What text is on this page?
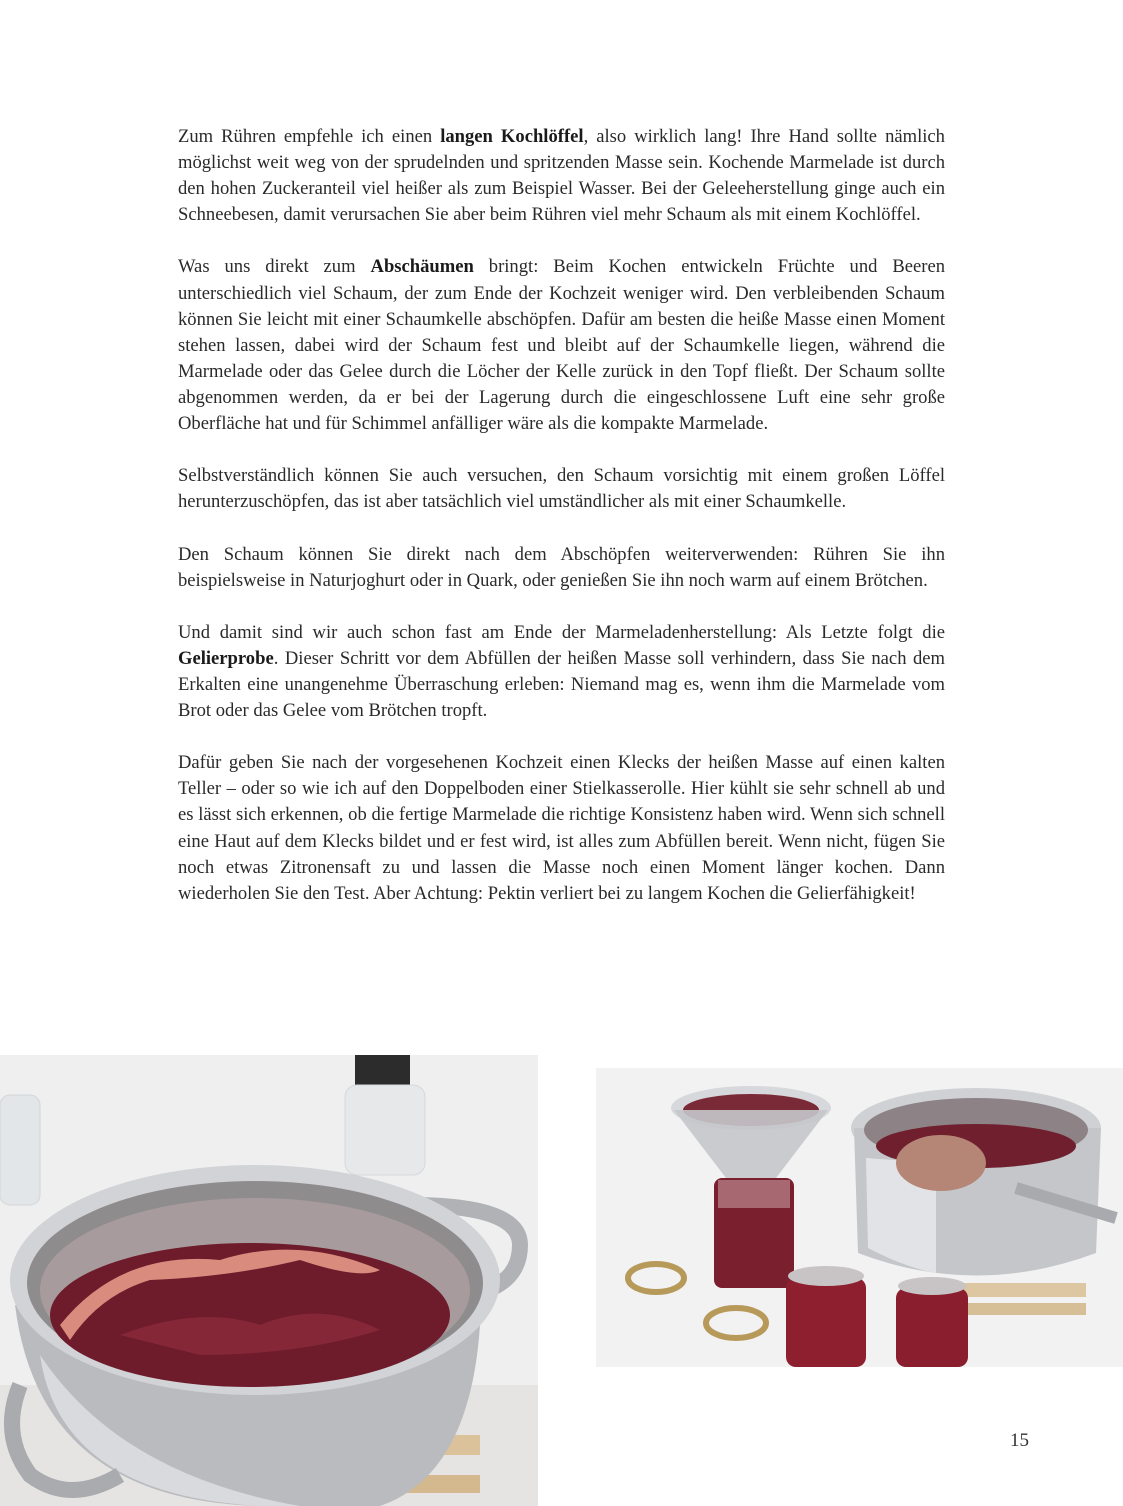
Zum Rühren empfehle ich einen langen Kochlöffel, also wirklich lang! Ihre Hand sollte nämlich möglichst weit weg von der sprudelnden und spritzenden Masse sein. Kochende Marmelade ist durch den hohen Zuckeranteil viel heißer als zum Beispiel Wasser. Bei der Geleeherstellung ginge auch ein Schneebesen, damit verursachen Sie aber beim Rühren viel mehr Schaum als mit einem Kochlöffel.

Was uns direkt zum Abschäumen bringt: Beim Kochen entwickeln Früchte und Beeren unterschiedlich viel Schaum, der zum Ende der Kochzeit weniger wird. Den verbleibenden Schaum können Sie leicht mit einer Schaumkelle abschöpfen. Dafür am besten die heiße Masse einen Moment stehen lassen, dabei wird der Schaum fest und bleibt auf der Schaumkelle liegen, während die Marmelade oder das Gelee durch die Löcher der Kelle zurück in den Topf fließt. Der Schaum sollte abgenommen werden, da er bei der Lagerung durch die eingeschlossene Luft eine sehr große Oberfläche hat und für Schimmel anfälliger wäre als die kompakte Marmelade.

Selbstverständlich können Sie auch versuchen, den Schaum vorsichtig mit einem großen Löffel herunterzuschöpfen, das ist aber tatsächlich viel umständlicher als mit einer Schaumkelle.

Den Schaum können Sie direkt nach dem Abschöpfen weiterverwenden: Rühren Sie ihn beispielsweise in Naturjoghurt oder in Quark, oder genießen Sie ihn noch warm auf einem Brötchen.

Und damit sind wir auch schon fast am Ende der Marmeladenherstellung: Als Letzte folgt die Gelierprobe. Dieser Schritt vor dem Abfüllen der heißen Masse soll verhindern, dass Sie nach dem Erkalten eine unangenehme Überraschung erleben: Niemand mag es, wenn ihm die Marmelade vom Brot oder das Gelee vom Brötchen tropft.

Dafür geben Sie nach der vorgesehenen Kochzeit einen Klecks der heißen Masse auf einen kalten Teller – oder so wie ich auf den Doppelboden einer Stielkasserolle. Hier kühlt sie sehr schnell ab und es lässt sich erkennen, ob die fertige Marmelade die richtige Konsistenz haben wird. Wenn sich schnell eine Haut auf dem Klecks bildet und er fest wird, ist alles zum Abfüllen bereit. Wenn nicht, fügen Sie noch etwas Zitronensaft zu und lassen die Masse noch einen Moment länger kochen. Dann wiederholen Sie den Test. Aber Achtung: Pektin verliert bei zu langem Kochen die Gelierfähigkeit!

15
